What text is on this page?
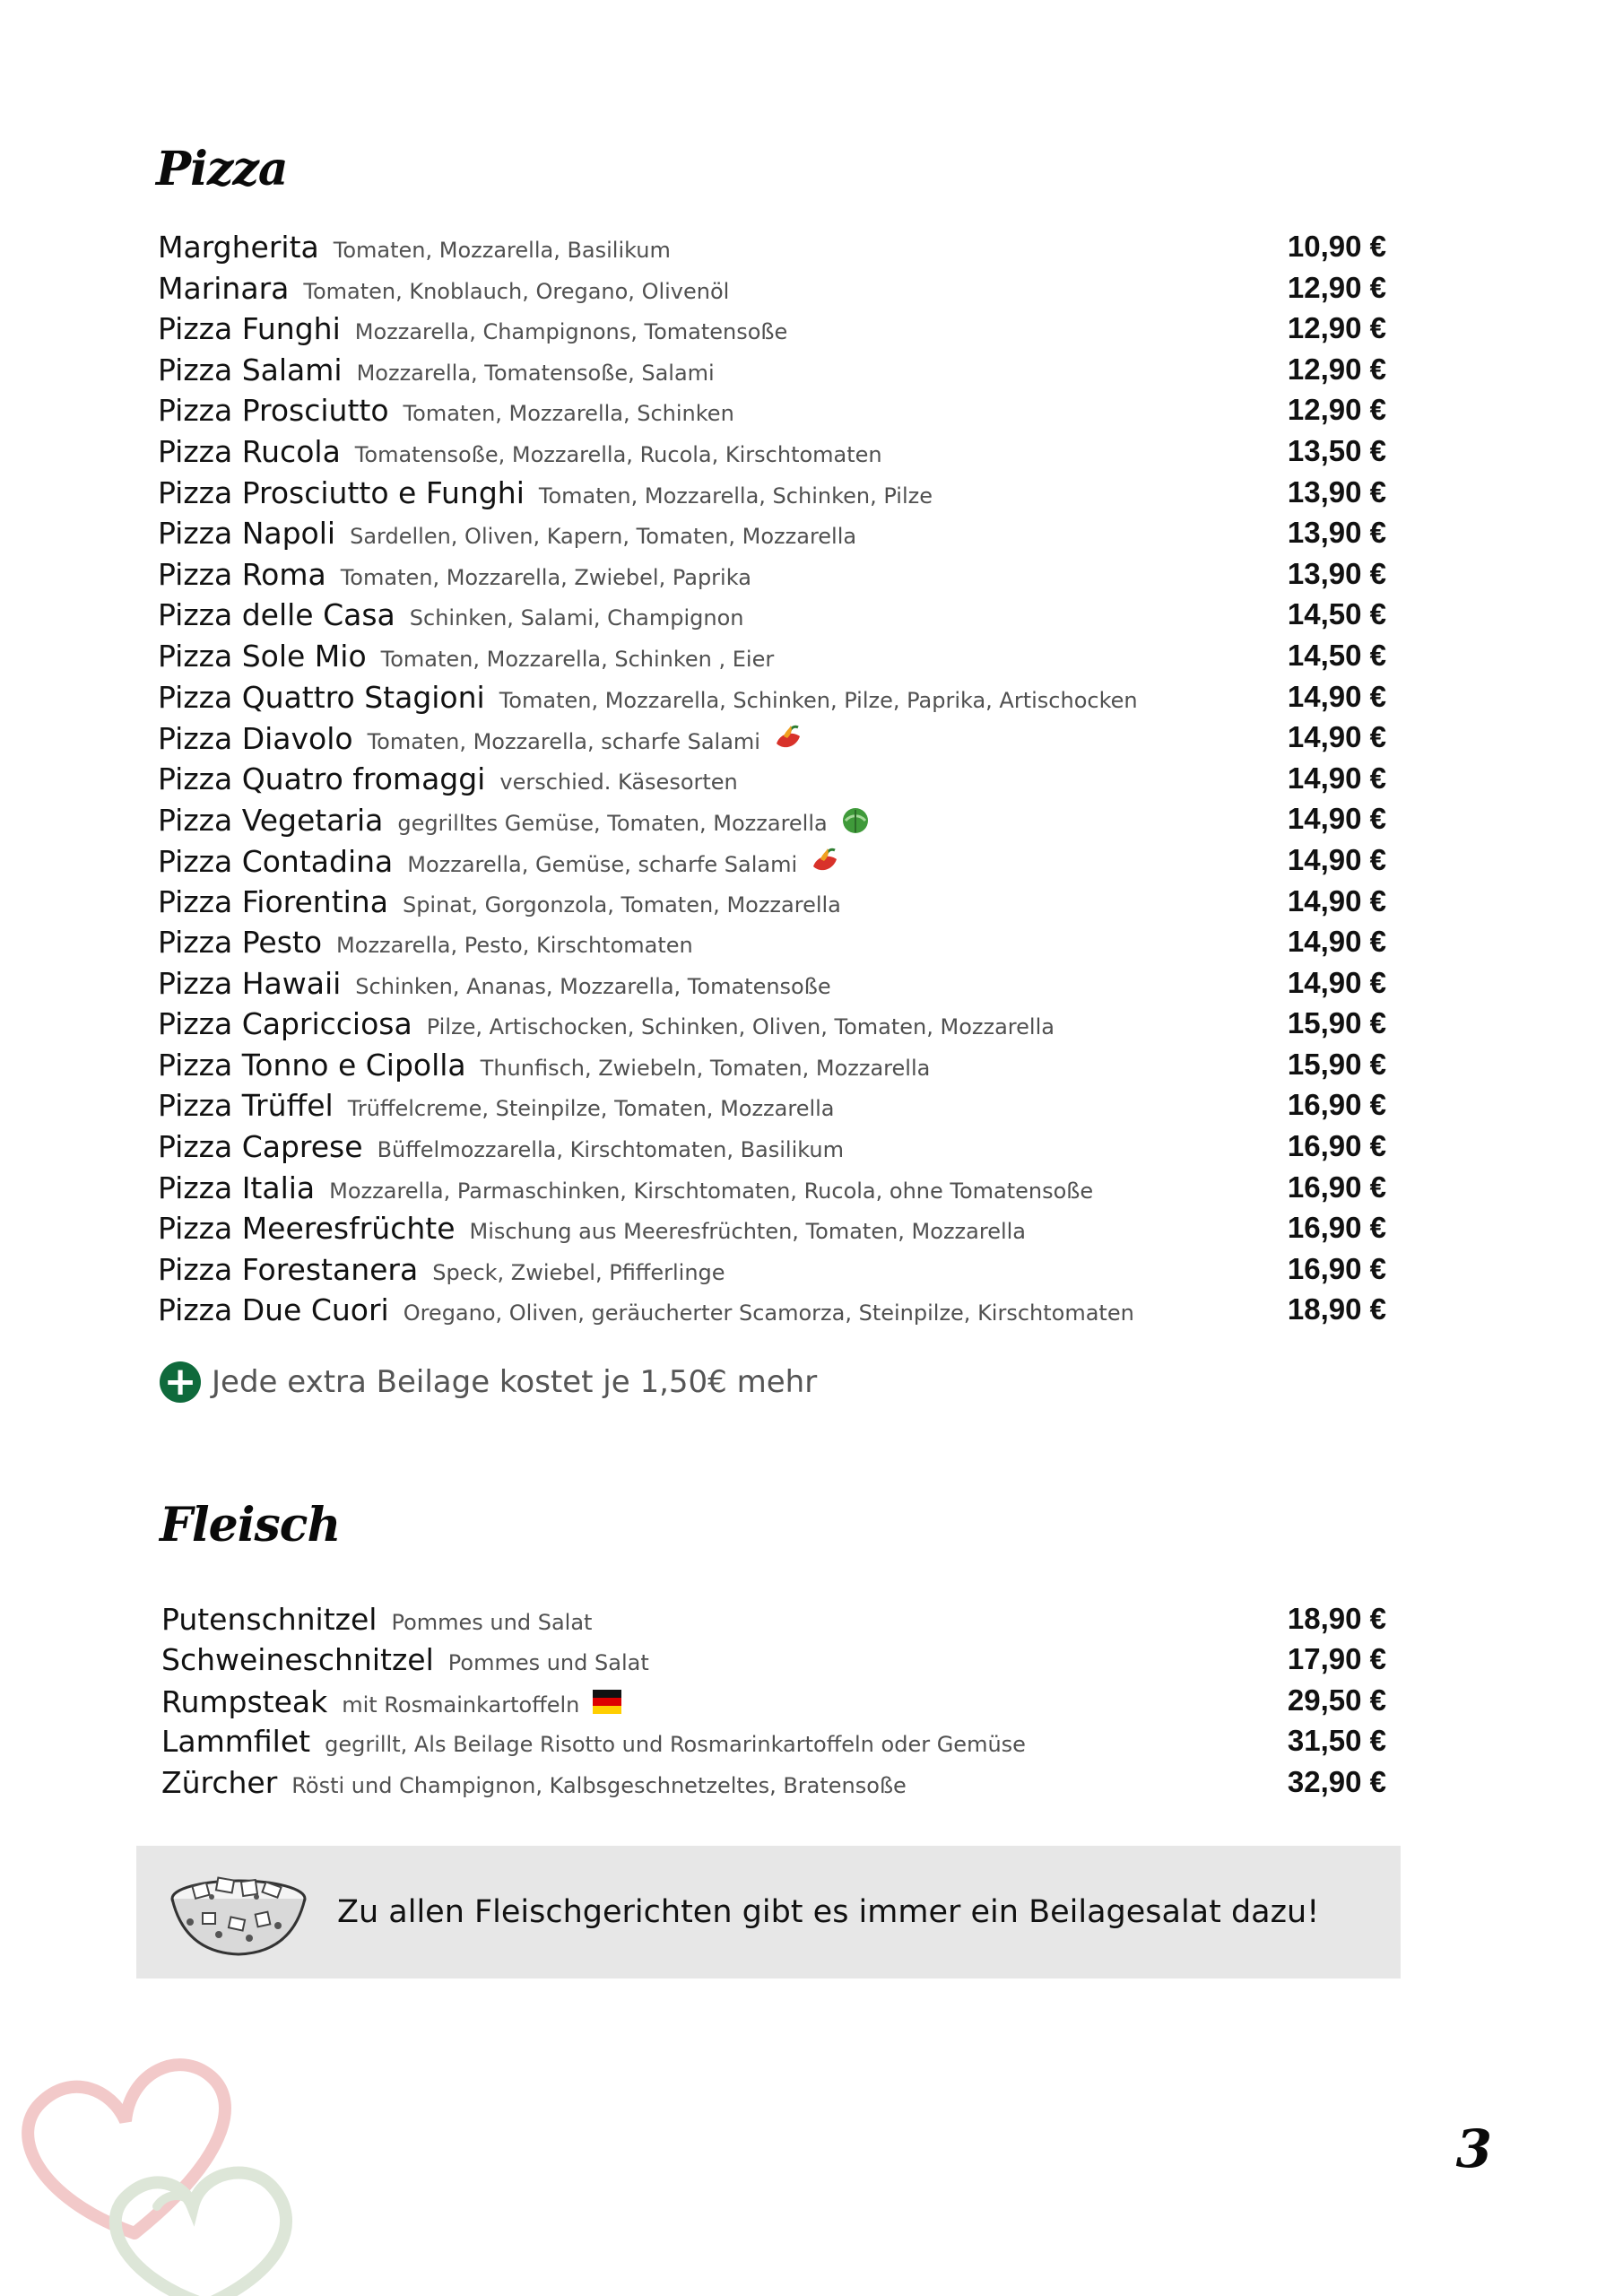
Pizza
Margherita Tomaten, Mozzarella, Basilikum	10,90 €
Marinara Tomaten, Knoblauch, Oregano, Olivenöl	12,90 €
Pizza Funghi Mozzarella, Champignons, Tomatensoße	12,90 €
Pizza Salami Mozzarella, Tomatensoße, Salami	12,90 €
Pizza Prosciutto Tomaten, Mozzarella, Schinken	12,90 €
Pizza Rucola Tomatensoße, Mozzarella, Rucola, Kirschtomaten	13,50 €
Pizza Prosciutto e Funghi Tomaten, Mozzarella, Schinken, Pilze	13,90 €
Pizza Napoli Sardellen, Oliven, Kapern, Tomaten, Mozzarella	13,90 €
Pizza Roma Tomaten, Mozzarella, Zwiebel, Paprika	13,90 €
Pizza delle Casa Schinken, Salami, Champignon	14,50 €
Pizza Sole Mio Tomaten, Mozzarella, Schinken , Eier	14,50 €
Pizza Quattro Stagioni Tomaten, Mozzarella, Schinken, Pilze, Paprika, Artischocken	14,90 €
Pizza Diavolo Tomaten, Mozzarella, scharfe Salami	14,90 €
Pizza Quatro fromaggi verschied. Käsesorten	14,90 €
Pizza Vegetaria gegrilltes Gemüse, Tomaten, Mozzarella	14,90 €
Pizza Contadina Mozzarella, Gemüse, scharfe Salami	14,90 €
Pizza Fiorentina Spinat, Gorgonzola, Tomaten, Mozzarella	14,90 €
Pizza Pesto Mozzarella, Pesto, Kirschtomaten	14,90 €
Pizza Hawaii Schinken, Ananas, Mozzarella, Tomatensoße	14,90 €
Pizza Capricciosa Pilze, Artischocken, Schinken, Oliven, Tomaten, Mozzarella	15,90 €
Pizza Tonno e Cipolla Thunfisch, Zwiebeln, Tomaten, Mozzarella	15,90 €
Pizza Trüffel Trüffelcreme, Steinpilze, Tomaten, Mozzarella	16,90 €
Pizza Caprese Büffelmozzarella, Kirschtomaten, Basilikum	16,90 €
Pizza Italia Mozzarella, Parmaschinken, Kirschtomaten, Rucola, ohne Tomatensoße	16,90 €
Pizza Meeresfrüchte Mischung aus Meeresfrüchten, Tomaten, Mozzarella	16,90 €
Pizza Forestanera Speck, Zwiebel, Pfifferlinge	16,90 €
Pizza Due Cuori Oregano, Oliven, geräucherter Scamorza, Steinpilze, Kirschtomaten	18,90 €
+ Jede extra Beilage kostet je 1,50€ mehr
Fleisch
Putenschnitzel Pommes und Salat	18,90 €
Schweineschnitzel Pommes und Salat	17,90 €
Rumpsteak mit Rosmainkartoffeln	29,50 €
Lammfilet gegrillt, Als Beilage Risotto und Rosmarinkartoffeln oder Gemüse	31,50 €
Zürcher Rösti und Champignon, Kalbsgeschnetzeltes, Bratensoße	32,90 €
Zu allen Fleischgerichten gibt es immer ein Beilagesalat dazu!
3
